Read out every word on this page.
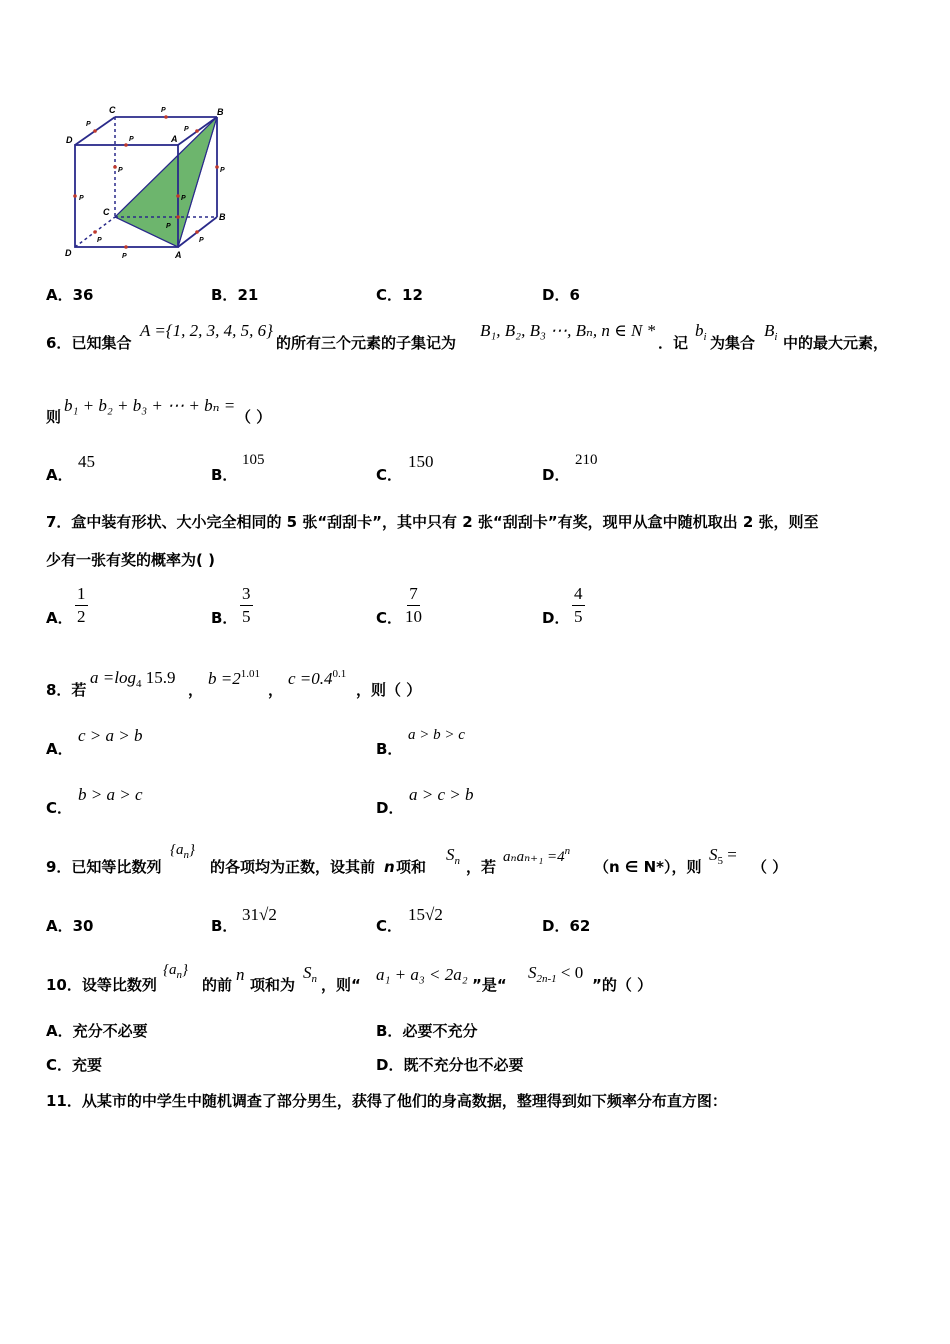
C	B
D	A
C	B
D	A
P
P
P
P
P	P
P	P
P
P	P
P
A．36	B．21	C．12	D．6
6．已知集合
A ={1, 2, 3, 4, 5, 6}
的所有三个元素的子集记为
B₁, B₂, B₃ ⋯, Bₙ, n ∈ N *
．记
$b_i$ 为集合
$B_i$ 中的最大元素，
则
b₁ + b₂ + b₃ + ⋯ + bₙ =
（ ）
A．
45
B．
105
C．
150
D．
210
7．盒中装有形状、大小完全相同的 5 张“刮刮卡”，其中只有 2 张“刮刮卡”有奖，现甲从盒中随机取出 2 张，则至
少有一张有奖的概率为( )
A． $\frac{1}{2}$	B． $\frac{3}{5}$	C． $\frac{7}{10}$	D． $\frac{4}{5}$
8．若
$a =\log_4$ 15.9
，
$b =2^{1.01}$
，
$c =0.4^{0.1}$
，则（ ）
A．
c > a > b
B．
a > b > c
C．
b > a > c
D．
a > c > b
9．已知等比数列
$\{a_n\}$
的各项均为正数，设其前 n 项和
$S_n$ ，若
$a_na_{n+1} =4^n$
（n ∈ N*），则
$S_5$ =
（ ）
A．30	B．
31√2
C．
15√2
D．62
10．设等比数列
$\{a_n\}$
的前
n
项和为
$S_n$ ，则“
a₁ + a₃ < 2a₂
”是“
$S_{2n-1} < 0$
”的（ ）
A．充分不必要	B．必要不充分
C．充要	D．既不充分也不必要
11．从某市的中学生中随机调查了部分男生，获得了他们的身高数据，整理得到如下频率分布直方图：
